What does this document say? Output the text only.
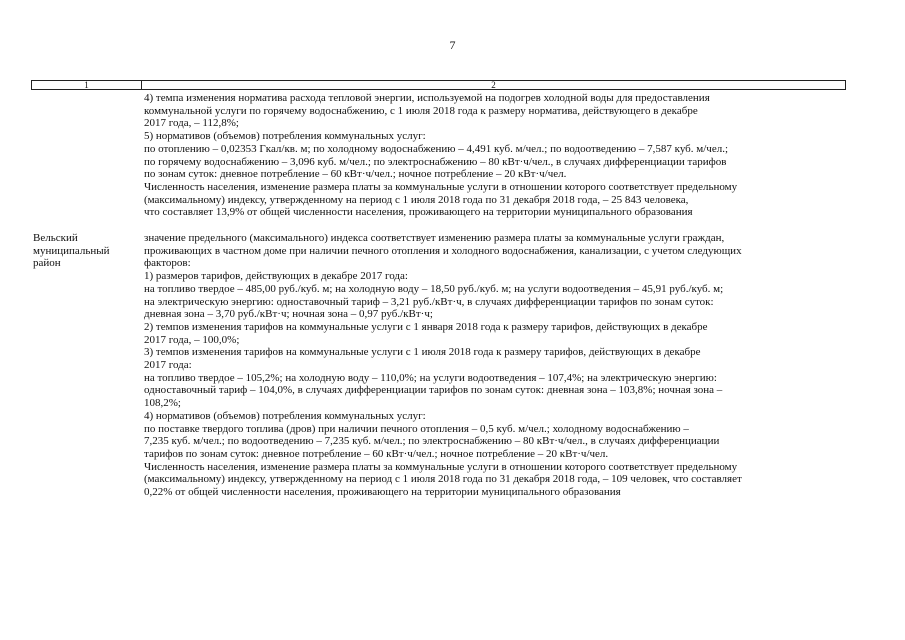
7
1	2
4) темпа изменения норматива расхода тепловой энергии, используемой на подогрев холодной воды для предоставления
коммунальной услуги по горячему водоснабжению, с 1 июля 2018 года к размеру норматива, действующего в декабре
2017 года, – 112,8%;
5) нормативов (объемов) потребления коммунальных услуг:
по отоплению – 0,02353 Гкал/кв. м; по холодному водоснабжению – 4,491 куб. м/чел.; по водоотведению – 7,587 куб. м/чел.;
по горячему водоснабжению – 3,096 куб. м/чел.; по электроснабжению – 80 кВт·ч/чел., в случаях дифференциации тарифов
по зонам суток: дневное потребление – 60 кВт·ч/чел.; ночное потребление – 20 кВт·ч/чел.
Численность населения, изменение размера платы за коммунальные услуги в отношении которого соответствует предельному
(максимальному) индексу, утвержденному на период с 1 июля 2018 года по 31 декабря 2018 года, – 25 843 человека,
что составляет 13,9% от общей численности населения, проживающего на территории муниципального образования
Вельский
муниципальный
район
значение предельного (максимального) индекса соответствует изменению размера платы за коммунальные услуги граждан,
проживающих в частном доме при наличии печного отопления и холодного водоснабжения, канализации, с учетом следующих
факторов:
1) размеров тарифов, действующих в декабре 2017 года:
на топливо твердое – 485,00 руб./куб. м; на холодную воду – 18,50 руб./куб. м; на услуги водоотведения – 45,91 руб./куб. м;
на электрическую энергию: одноставочный тариф – 3,21 руб./кВт·ч, в случаях дифференциации тарифов по зонам суток:
дневная зона – 3,70 руб./кВт·ч; ночная зона – 0,97 руб./кВт·ч;
2) темпов изменения тарифов на коммунальные услуги с 1 января 2018 года к размеру тарифов, действующих в декабре
2017 года, – 100,0%;
3) темпов изменения тарифов на коммунальные услуги с 1 июля 2018 года к размеру тарифов, действующих в декабре
2017 года:
на топливо твердое – 105,2%; на холодную воду – 110,0%; на услуги водоотведения – 107,4%; на электрическую энергию:
одноставочный тариф – 104,0%, в случаях дифференциации тарифов по зонам суток: дневная зона – 103,8%; ночная зона –
108,2%;
4) нормативов (объемов) потребления коммунальных услуг:
по поставке твердого топлива (дров) при наличии печного отопления – 0,5 куб. м/чел.; холодному водоснабжению –
7,235 куб. м/чел.; по водоотведению – 7,235 куб. м/чел.; по электроснабжению – 80 кВт·ч/чел., в случаях дифференциации
тарифов по зонам суток: дневное потребление – 60 кВт·ч/чел.; ночное потребление – 20 кВт·ч/чел.
Численность населения, изменение размера платы за коммунальные услуги в отношении которого соответствует предельному
(максимальному) индексу, утвержденному на период с 1 июля 2018 года по 31 декабря 2018 года, – 109 человек, что составляет
0,22% от общей численности населения, проживающего на территории муниципального образования
